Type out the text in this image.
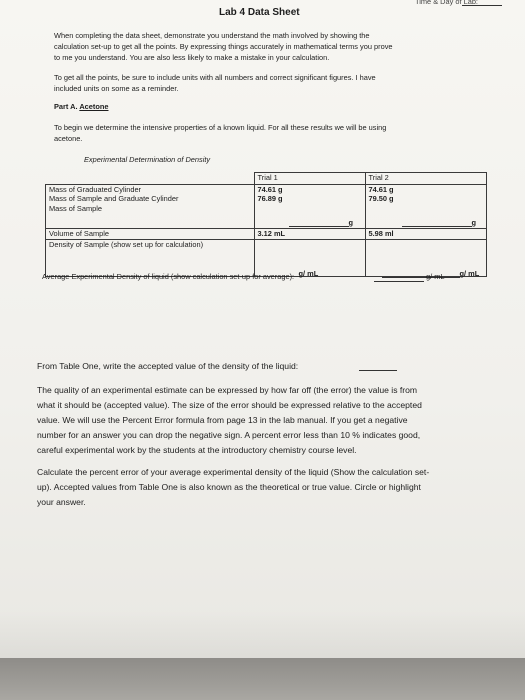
Time & Day of Lab:
Lab 4 Data Sheet
When completing the data sheet, demonstrate you understand the math involved by showing the
calculation set-up to get all the points. By expressing things accurately in mathematical terms you prove
to me you understand. You are also less likely to make a mistake in your calculation.
To get all the points, be sure to include units with all numbers and correct significant figures. I have
included units on some as a reminder.
Part A. Acetone
To begin we determine the intensive properties of a known liquid. For all these results we will be using
acetone.
Experimental Determination of Density
	Trial 1	Trial 2
Mass of Graduated Cylinder	74.61 g	74.61 g
Mass of Sample and Graduate Cylinder	76.89 g	79.50 g
Mass of Sample	g	g

Volume of Sample	3.12 mL	5.98 ml
Density of Sample (show set up for calculation)	g/ mL	g/ mL
Average Experimental Density of liquid (show calculation set-up for average):	g/ mL
From Table One, write the accepted value of the density of the liquid:
The quality of an experimental estimate can be expressed by how far off (the error) the value is from
what it should be (accepted value). The size of the error should be expressed relative to the accepted
value. We will use the Percent Error formula from page 13 in the lab manual. If you get a negative
number for an answer you can drop the negative sign. A percent error less than 10 % indicates good,
careful experimental work by the students at the introductory chemistry course level.
Calculate the percent error of your average experimental density of the liquid (Show the calculation set-
up). Accepted values from Table One is also known as the theoretical or true value. Circle or highlight
your answer.
